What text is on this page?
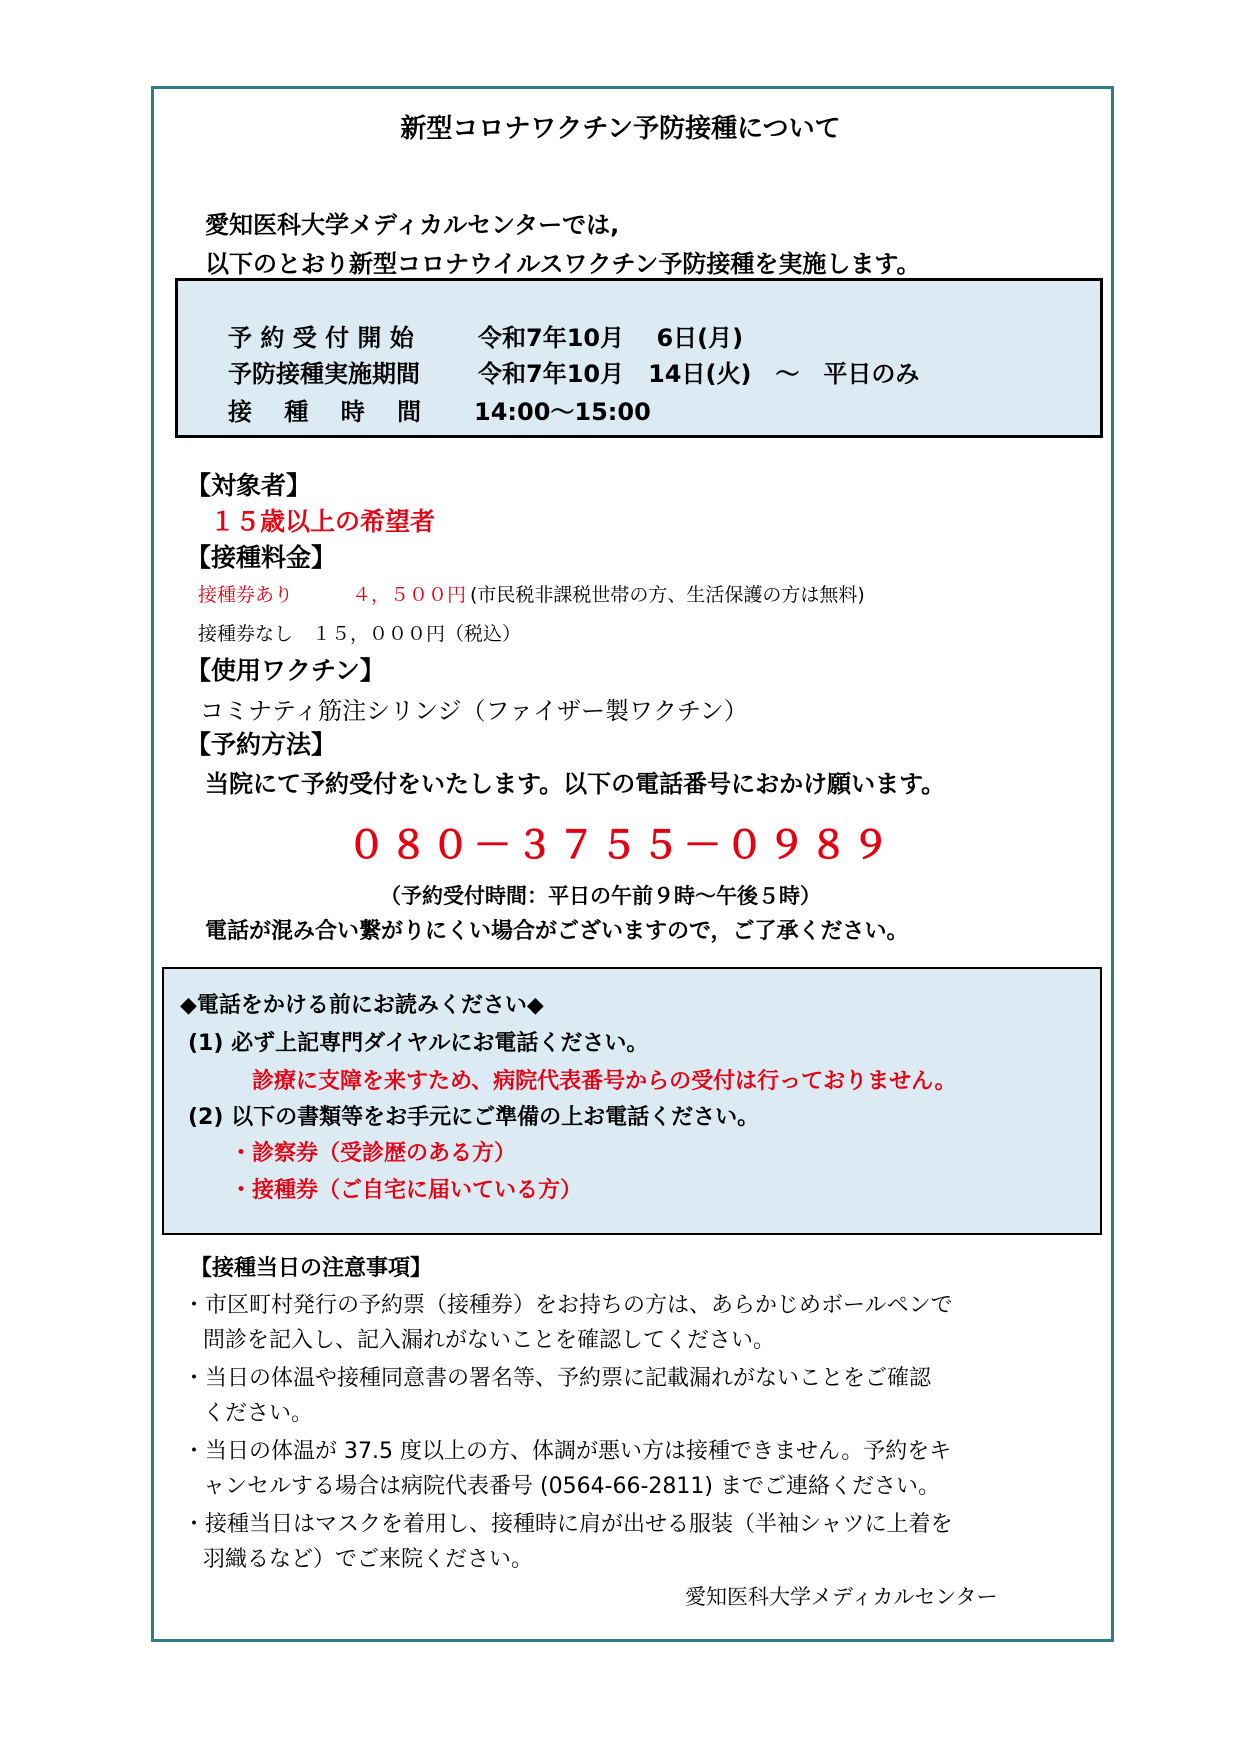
新型コロナワクチン予防接種について
愛知医科大学メディカルセンターでは,
以下のとおり新型コロナウイルスワクチン予防接種を実施します。
予 約 受 付 開 始	令和7年10月　 6日(月)
予防接種実施期間 令和7年10月　14日(火)　～　平日のみ
接　 種　 時　 間 14:00～15:00
【対象者】
１５歳以上の希望者
【接種料金】
接種券あり	４，５００円 (市民税非課税世帯の方、生活保護の方は無料)
接種券なし　１５，０００円（税込）
【使用ワクチン】
コミナティ筋注シリンジ（ファイザー製ワクチン）
【予約方法】
当院にて予約受付をいたします。以下の電話番号におかけ願います。
０８０－３７５５－０９８９
（予約受付時間：平日の午前９時～午後５時）
電話が混み合い繋がりにくい場合がございますので，ご了承ください。
◆電話をかける前にお読みください◆
(1) 必ず上記専門ダイヤルにお電話ください。
診療に支障を来すため、病院代表番号からの受付は行っておりません。
(2) 以下の書類等をお手元にご準備の上お電話ください。
・診察券（受診歴のある方）
・接種券（ご自宅に届いている方）
【接種当日の注意事項】
・市区町村発行の予約票（接種券）をお持ちの方は、あらかじめボールペンで
問診を記入し、記入漏れがないことを確認してください。
・当日の体温や接種同意書の署名等、予約票に記載漏れがないことをご確認
ください。
・当日の体温が 37.5 度以上の方、体調が悪い方は接種できません。予約をキ
ャンセルする場合は病院代表番号 (0564-66-2811) までご連絡ください。
・接種当日はマスクを着用し、接種時に肩が出せる服装（半袖シャツに上着を
羽織るなど）でご来院ください。
愛知医科大学メディカルセンター
